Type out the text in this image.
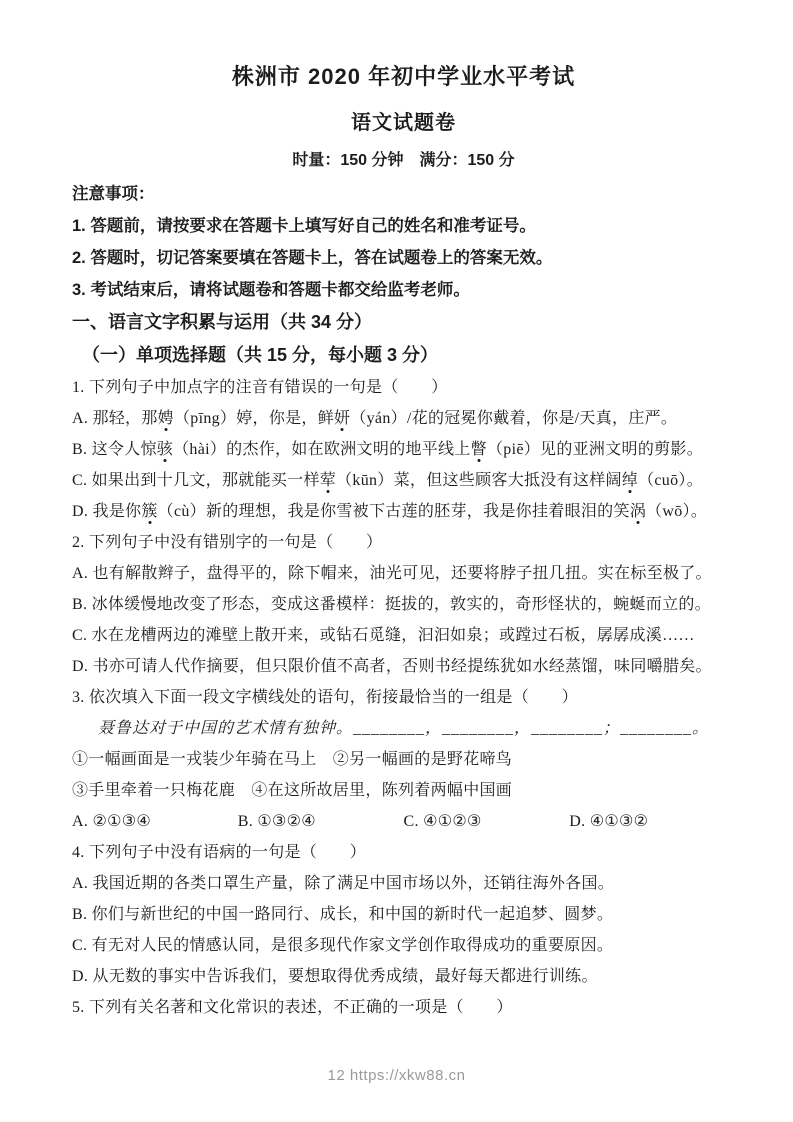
株洲市 2020 年初中学业水平考试
语文试题卷
时量：150 分钟　满分：150 分
注意事项：
1. 答题前，请按要求在答题卡上填写好自己的姓名和准考证号。
2. 答题时，切记答案要填在答题卡上，答在试题卷上的答案无效。
3. 考试结束后，请将试题卷和答题卡都交给监考老师。
一、语言文字积累与运用（共 34 分）
（一）单项选择题（共 15 分，每小题 3 分）
1. 下列句子中加点字的注音有错误的一句是（　　）
A. 那轻，那娉（pīng）婷，你是，鲜妍（yán）/花的冠冕你戴着，你是/天真，庄严。
B. 这令人惊骇（hài）的杰作，如在欧洲文明的地平线上瞥（piē）见的亚洲文明的剪影。
C. 如果出到十几文，那就能买一样荤（kūn）菜，但这些顾客大抵没有这样阔绰（cuō）。
D. 我是你簇（cù）新的理想，我是你雪被下古莲的胚芽，我是你挂着眼泪的笑涡（wō）。
2. 下列句子中没有错别字的一句是（　　）
A. 也有解散辫子，盘得平的，除下帽来，油光可见，还要将脖子扭几扭。实在标至极了。
B. 冰体缓慢地改变了形态，变成这番模样：挺拔的，敦实的，奇形怪状的，蜿蜒而立的。
C. 水在龙槽两边的滩壁上散开来，或钻石觅缝，汩汩如泉；或蹚过石板，孱孱成溪……
D. 书亦可请人代作摘要，但只限价值不高者，否则书经提练犹如水经蒸馏，味同嚼腊矣。
3. 依次填入下面一段文字横线处的语句，衔接最恰当的一组是（　　）
聂鲁达对于中国的艺术情有独钟。________，________，________；________。
①一幅画面是一戎装少年骑在马上　②另一幅画的是野花啼鸟
③手里牵着一只梅花鹿　④在这所故居里，陈列着两幅中国画
A. ②①③④	B. ①③②④	C. ④①②③	D. ④①③②
4. 下列句子中没有语病的一句是（　　）
A. 我国近期的各类口罩生产量，除了满足中国市场以外，还销往海外各国。
B. 你们与新世纪的中国一路同行、成长，和中国的新时代一起追梦、圆梦。
C. 有无对人民的情感认同，是很多现代作家文学创作取得成功的重要原因。
D. 从无数的事实中告诉我们，要想取得优秀成绩，最好每天都进行训练。
5. 下列有关名著和文化常识的表述，不正确的一项是（　　）
12 https://xkw88.cn
